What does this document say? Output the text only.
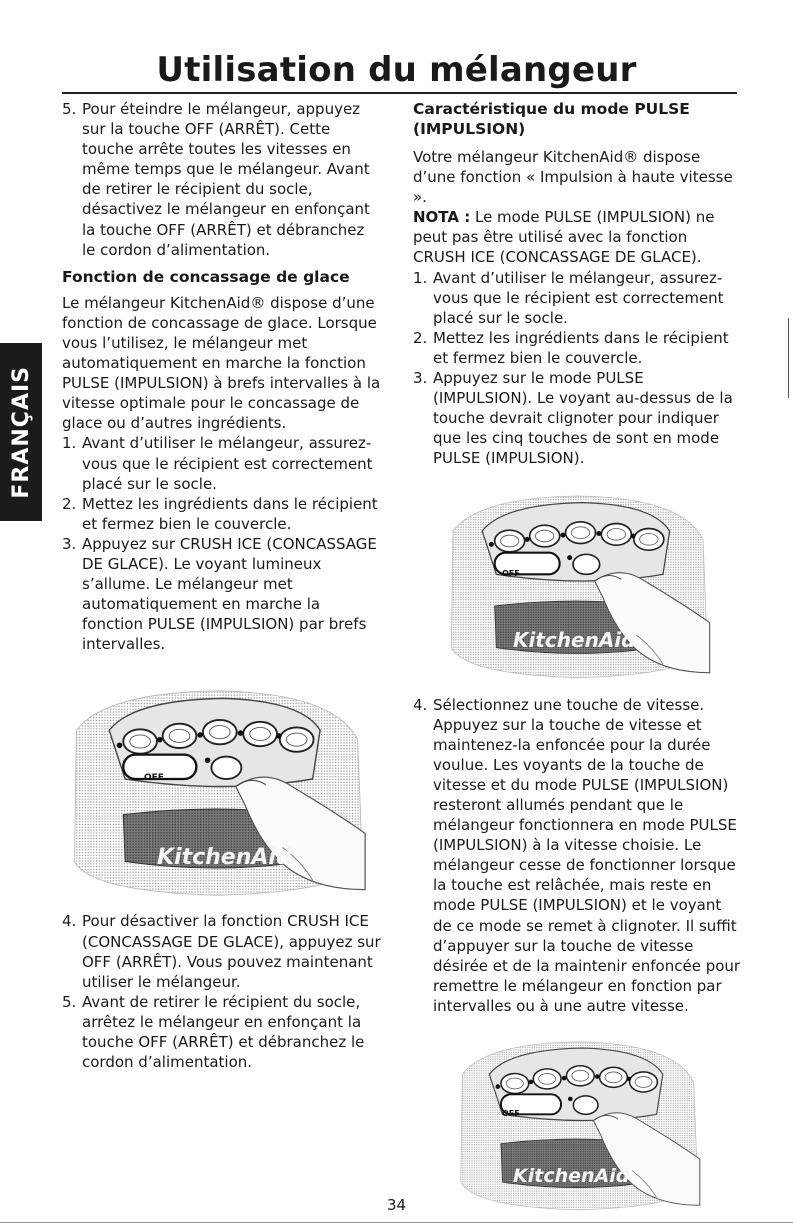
Utilisation du mélangeur
FRANÇAIS
5. Pour éteindre le mélangeur, appuyez sur la touche OFF (ARRÊT). Cette touche arrête toutes les vitesses en même temps que le mélangeur. Avant de retirer le récipient du socle, désactivez le mélangeur en enfonçant la touche OFF (ARRÊT) et débranchez le cordon d’alimentation.

Fonction de concassage de glace

Le mélangeur KitchenAid® dispose d’une fonction de concassage de glace. Lorsque vous l’utilisez, le mélangeur met automatiquement en marche la fonction PULSE (IMPULSION) à brefs intervalles à la vitesse optimale pour le concassage de glace ou d’autres ingrédients.

1. Avant d’utiliser le mélangeur, assurez-vous que le récipient est correctement placé sur le socle.
2. Mettez les ingrédients dans le récipient et fermez bien le couvercle.
3. Appuyez sur CRUSH ICE (CONCASSAGE DE GLACE). Le voyant lumineux s’allume. Le mélangeur met automatiquement en marche la fonction PULSE (IMPULSION) par brefs intervalles.
OFF
KitchenAid
4. Pour désactiver la fonction CRUSH ICE (CONCASSAGE DE GLACE), appuyez sur OFF (ARRÊT). Vous pouvez maintenant utiliser le mélangeur.
5. Avant de retirer le récipient du socle, arrêtez le mélangeur en enfonçant la touche OFF (ARRÊT) et débranchez le cordon d’alimentation.

Caractéristique du mode PULSE (IMPULSION)

Votre mélangeur KitchenAid® dispose d’une fonction « Impulsion à haute vitesse ».

NOTA : Le mode PULSE (IMPULSION) ne peut pas être utilisé avec la fonction CRUSH ICE (CONCASSAGE DE GLACE).

1. Avant d’utiliser le mélangeur, assurez-vous que le récipient est correctement placé sur le socle.
2. Mettez les ingrédients dans le récipient et fermez bien le couvercle.
3. Appuyez sur le mode PULSE (IMPULSION). Le voyant au-dessus de la touche devrait clignoter pour indiquer que les cinq touches de sont en mode PULSE (IMPULSION).
OFF
KitchenAid
4. Sélectionnez une touche de vitesse. Appuyez sur la touche de vitesse et maintenez-la enfoncée pour la durée voulue. Les voyants de la touche de vitesse et du mode PULSE (IMPULSION) resteront allumés pendant que le mélangeur fonctionnera en mode PULSE (IMPULSION) à la vitesse choisie. Le mélangeur cesse de fonctionner lorsque la touche est relâchée, mais reste en mode PULSE (IMPULSION) et le voyant de ce mode se remet à clignoter. Il suffit d’appuyer sur la touche de vitesse désirée et de la maintenir enfoncée pour remettre le mélangeur en fonction par intervalles ou à une autre vitesse.
OFF
KitchenAid
34
